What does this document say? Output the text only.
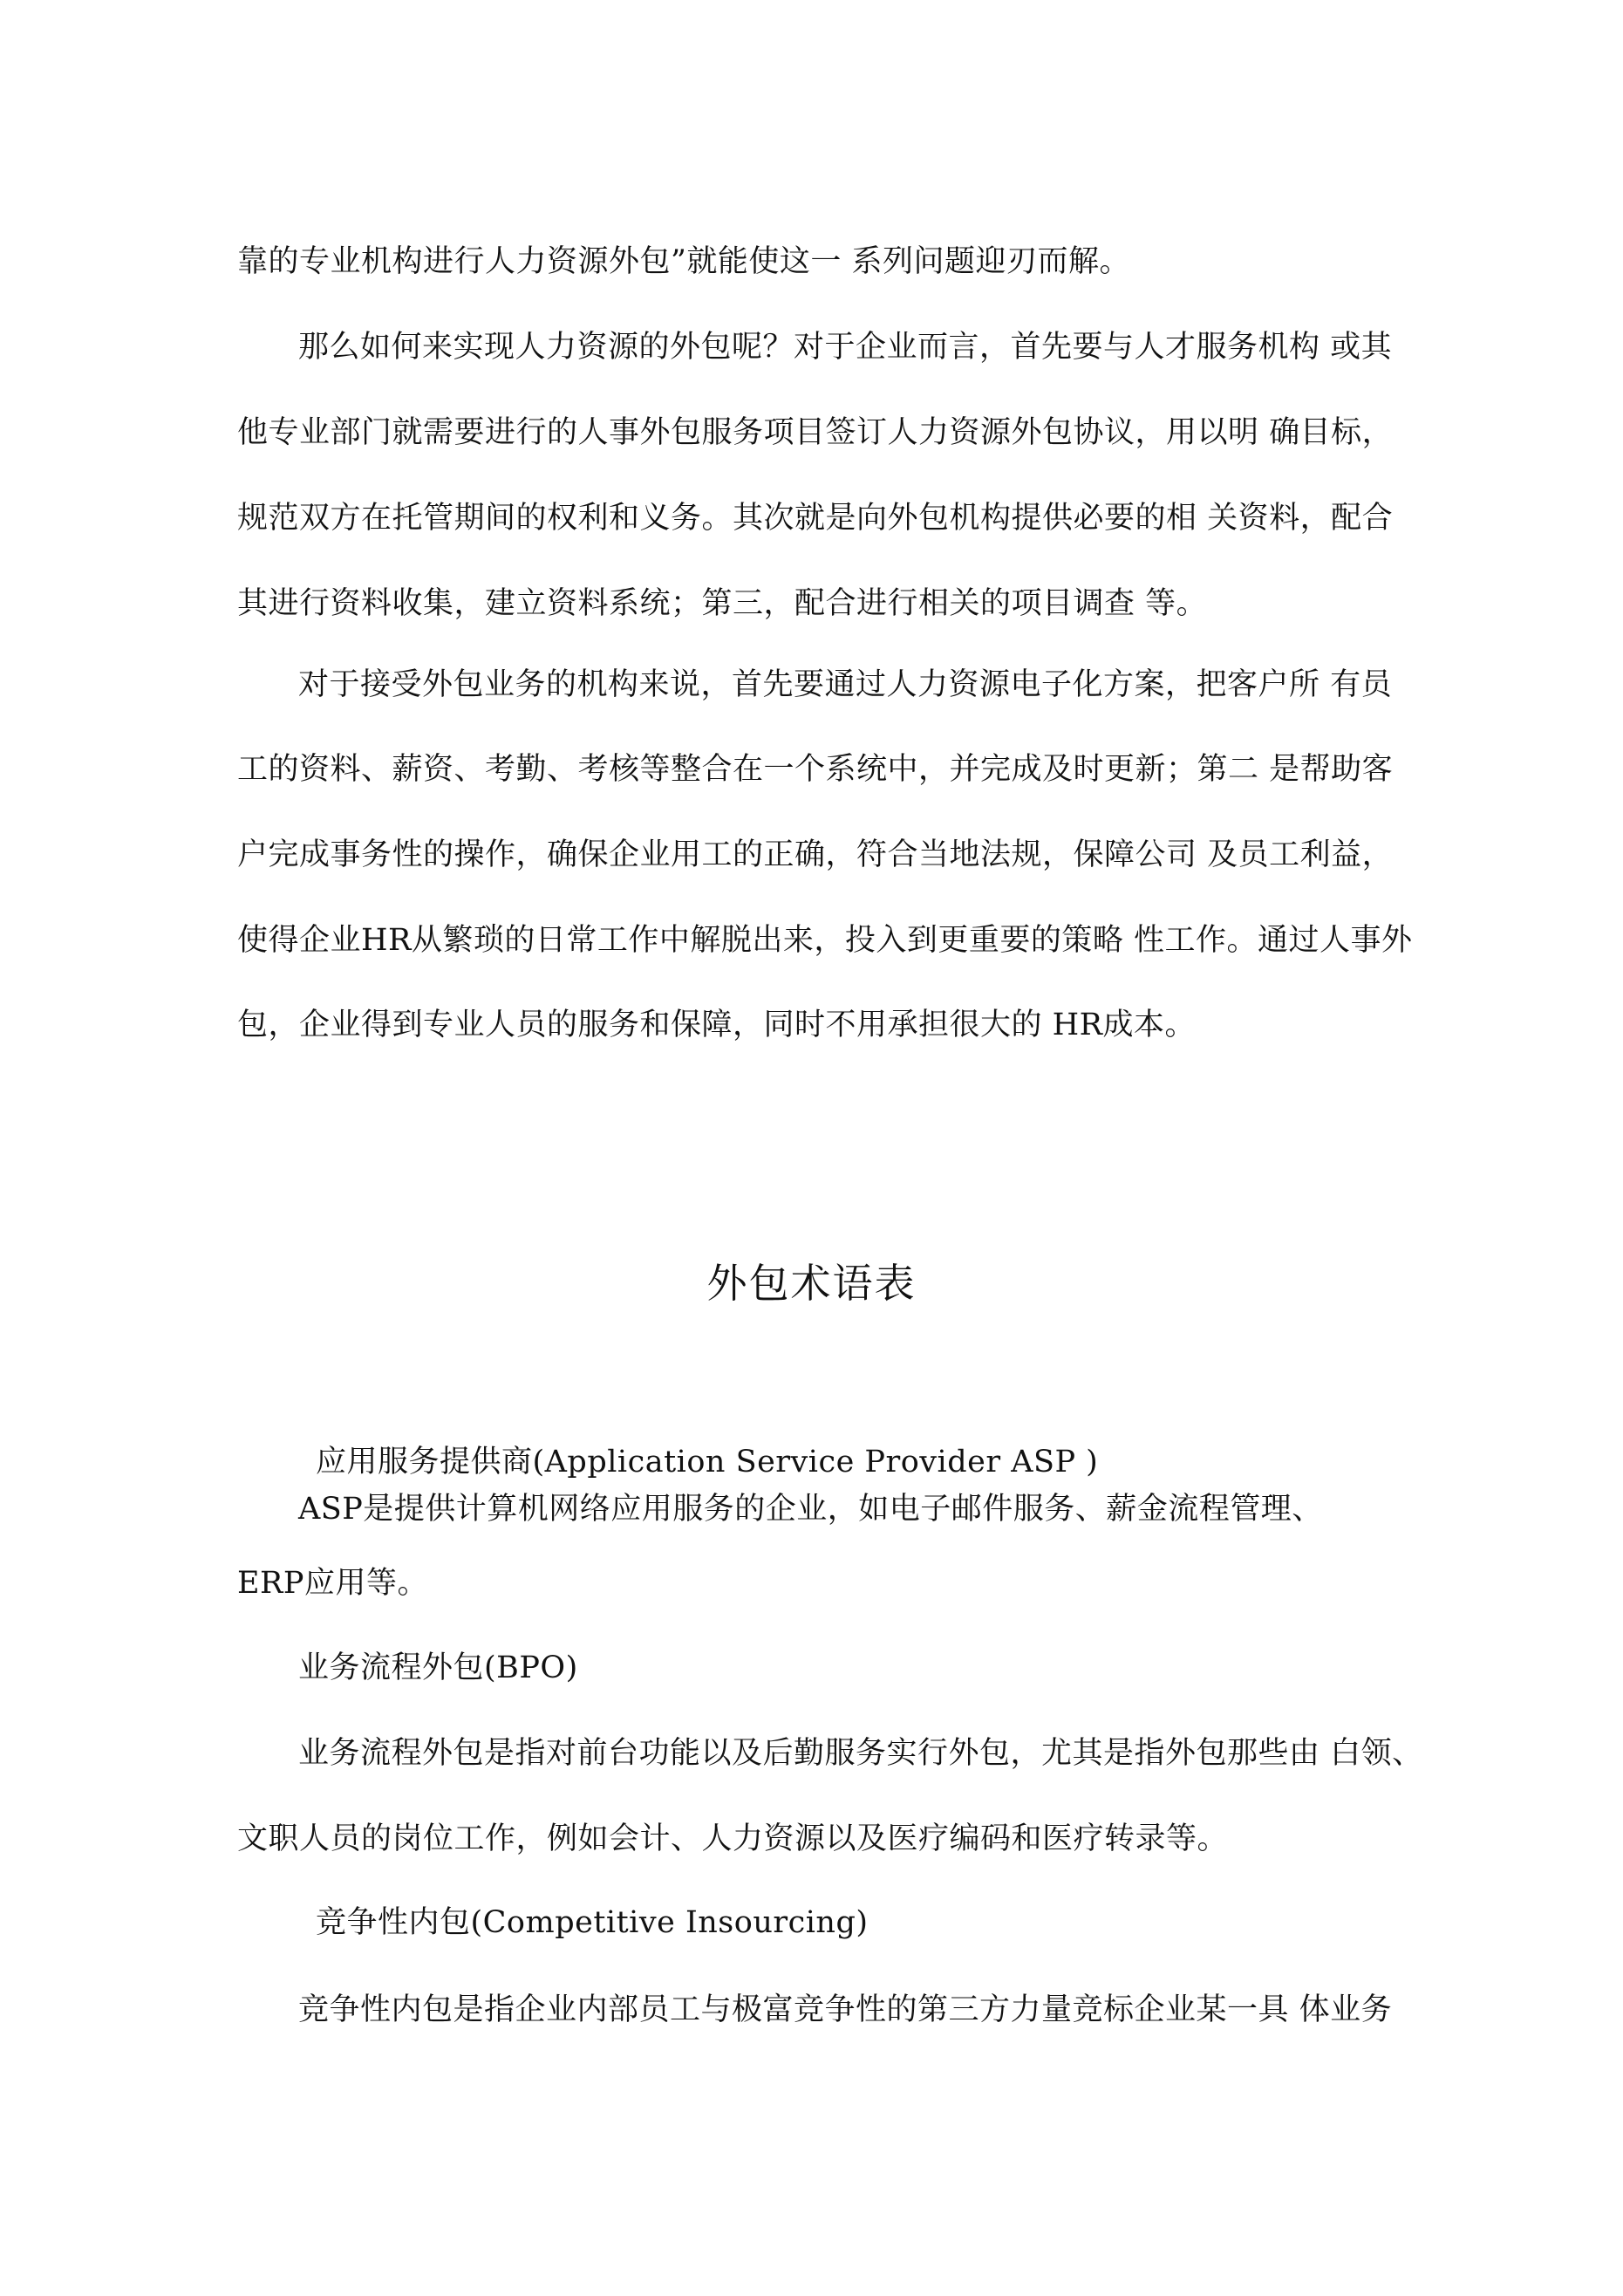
靠的专业机构进行人力资源外包”就能使这一 系列问题迎刃而解。
那么如何来实现人力资源的外包呢？对于企业而言，首先要与人才服务机构 或其
他专业部门就需要进行的人事外包服务项目签订人力资源外包协议，用以明 确目标，
规范双方在托管期间的权利和义务。其次就是向外包机构提供必要的相 关资料，配合
其进行资料收集，建立资料系统；第三，配合进行相关的项目调查 等。
对于接受外包业务的机构来说，首先要通过人力资源电子化方案，把客户所 有员
工的资料、薪资、考勤、考核等整合在一个系统中，并完成及时更新；第二 是帮助客
户完成事务性的操作，确保企业用工的正确，符合当地法规，保障公司 及员工利益，
使得企业HR从繁琐的日常工作中解脱出来，投入到更重要的策略 性工作。通过人事外
包，企业得到专业人员的服务和保障，同时不用承担很大的 HR成本。
外包术语表
应用服务提供商(Application Service Provider ASP )
ASP是提供计算机网络应用服务的企业，如电子邮件服务、薪金流程管理、
ERP应用等。
业务流程外包(BPO)
业务流程外包是指对前台功能以及后勤服务实行外包，尤其是指外包那些由 白领、
文职人员的岗位工作，例如会计、人力资源以及医疗编码和医疗转录等。
竞争性内包(Competitive Insourcing)
竞争性内包是指企业内部员工与极富竞争性的第三方力量竞标企业某一具 体业务
